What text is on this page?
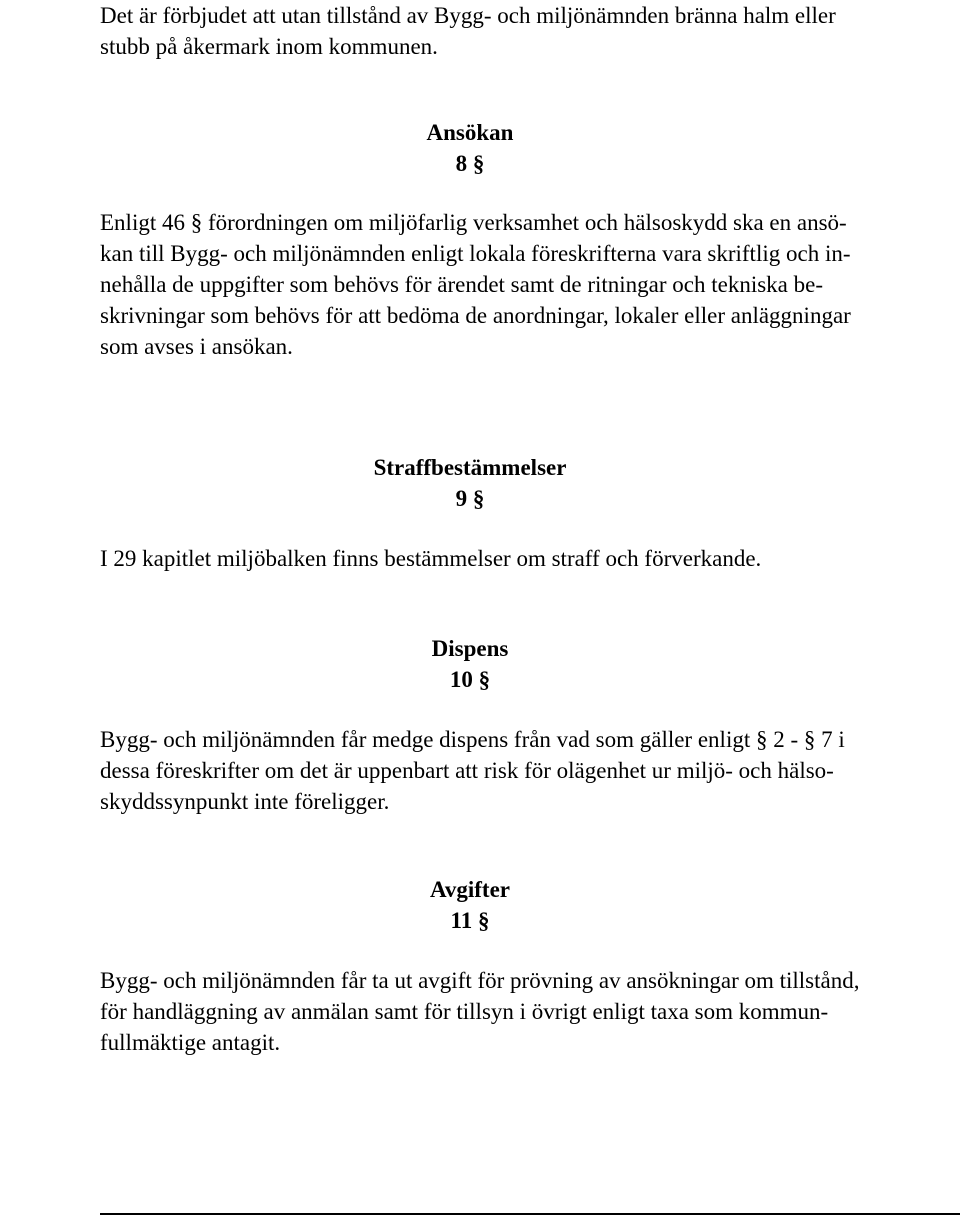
Det är förbjudet att utan tillstånd av Bygg- och miljönämnden bränna halm eller
stubb på åkermark inom kommunen.
Ansökan
8 §
Enligt 46 § förordningen om miljöfarlig verksamhet och hälsoskydd ska en ansö-
kan till Bygg- och miljönämnden enligt lokala föreskrifterna vara skriftlig och in-
nehålla de uppgifter som behövs för ärendet samt de ritningar och tekniska be-
skrivningar som behövs för att bedöma de anordningar, lokaler eller anläggningar
som avses i ansökan.
Straffbestämmelser
9 §
I 29 kapitlet miljöbalken finns bestämmelser om straff och förverkande.
Dispens
10 §
Bygg- och miljönämnden får medge dispens från vad som gäller enligt § 2 - § 7 i
dessa föreskrifter om det är uppenbart att risk för olägenhet ur miljö- och hälso-
skyddssynpunkt inte föreligger.
Avgifter
11 §
Bygg- och miljönämnden får ta ut avgift för prövning av ansökningar om tillstånd,
för handläggning av anmälan samt för tillsyn i övrigt enligt taxa som kommun-
fullmäktige antagit.
